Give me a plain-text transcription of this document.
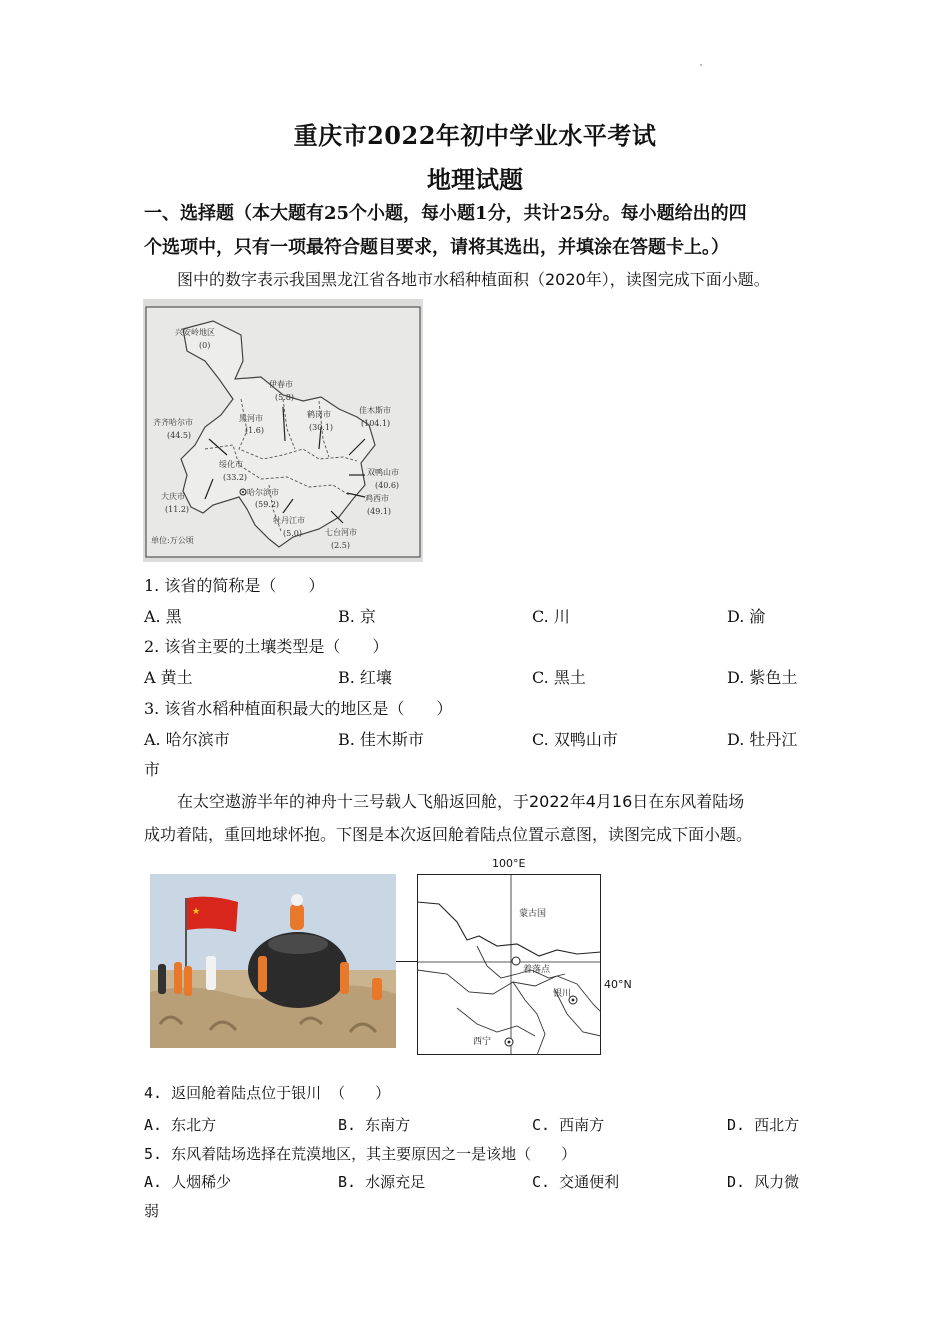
重庆市2022年初中学业水平考试
地理试题
一、选择题（本大题有25个小题，每小题1分，共计25分。每小题给出的四
个选项中，只有一项最符合题目要求，请将其选出，并填涂在答题卡上。）
图中的数字表示我国黑龙江省各地市水稻种植面积（2020年），读图完成下面小题。
兴安岭地区
(0)
伊春市
(5.8)
黑河市
(1.6)
鹤岗市
(30.1)
佳木斯市
(104.1)
齐齐哈尔市
(44.5)
绥化市
(33.2)
双鸭山市
(40.6)
哈尔滨市
(59.2)
鸡西市
(49.1)
大庆市
(11.2)
牡丹江市
(5.0)	七台河市
(2.5)
单位:万公顷
1. 该省的简称是（　　）
A. 黑	B. 京	C. 川	D. 渝
2. 该省主要的土壤类型是（　　）
A 黄土	B. 红壤	C. 黑土	D. 紫色土
3. 该省水稻种植面积最大的地区是（　　）
A. 哈尔滨市	B. 佳木斯市	C. 双鸭山市	D. 牡丹江
市
在太空遨游半年的神舟十三号载人飞船返回舱，于2022年4月16日在东风着陆场
成功着陆，重回地球怀抱。下图是本次返回舱着陆点位置示意图，读图完成下面小题。
★	蒙古国
着落点
银川
西宁
100°E
40°N
4. 返回舱着陆点位于银川 （　　）
A. 东北方	B. 东南方	C. 西南方	D. 西北方
5. 东风着陆场选择在荒漠地区，其主要原因之一是该地（　　）
A. 人烟稀少	B. 水源充足	C. 交通便利	D. 风力微
弱
